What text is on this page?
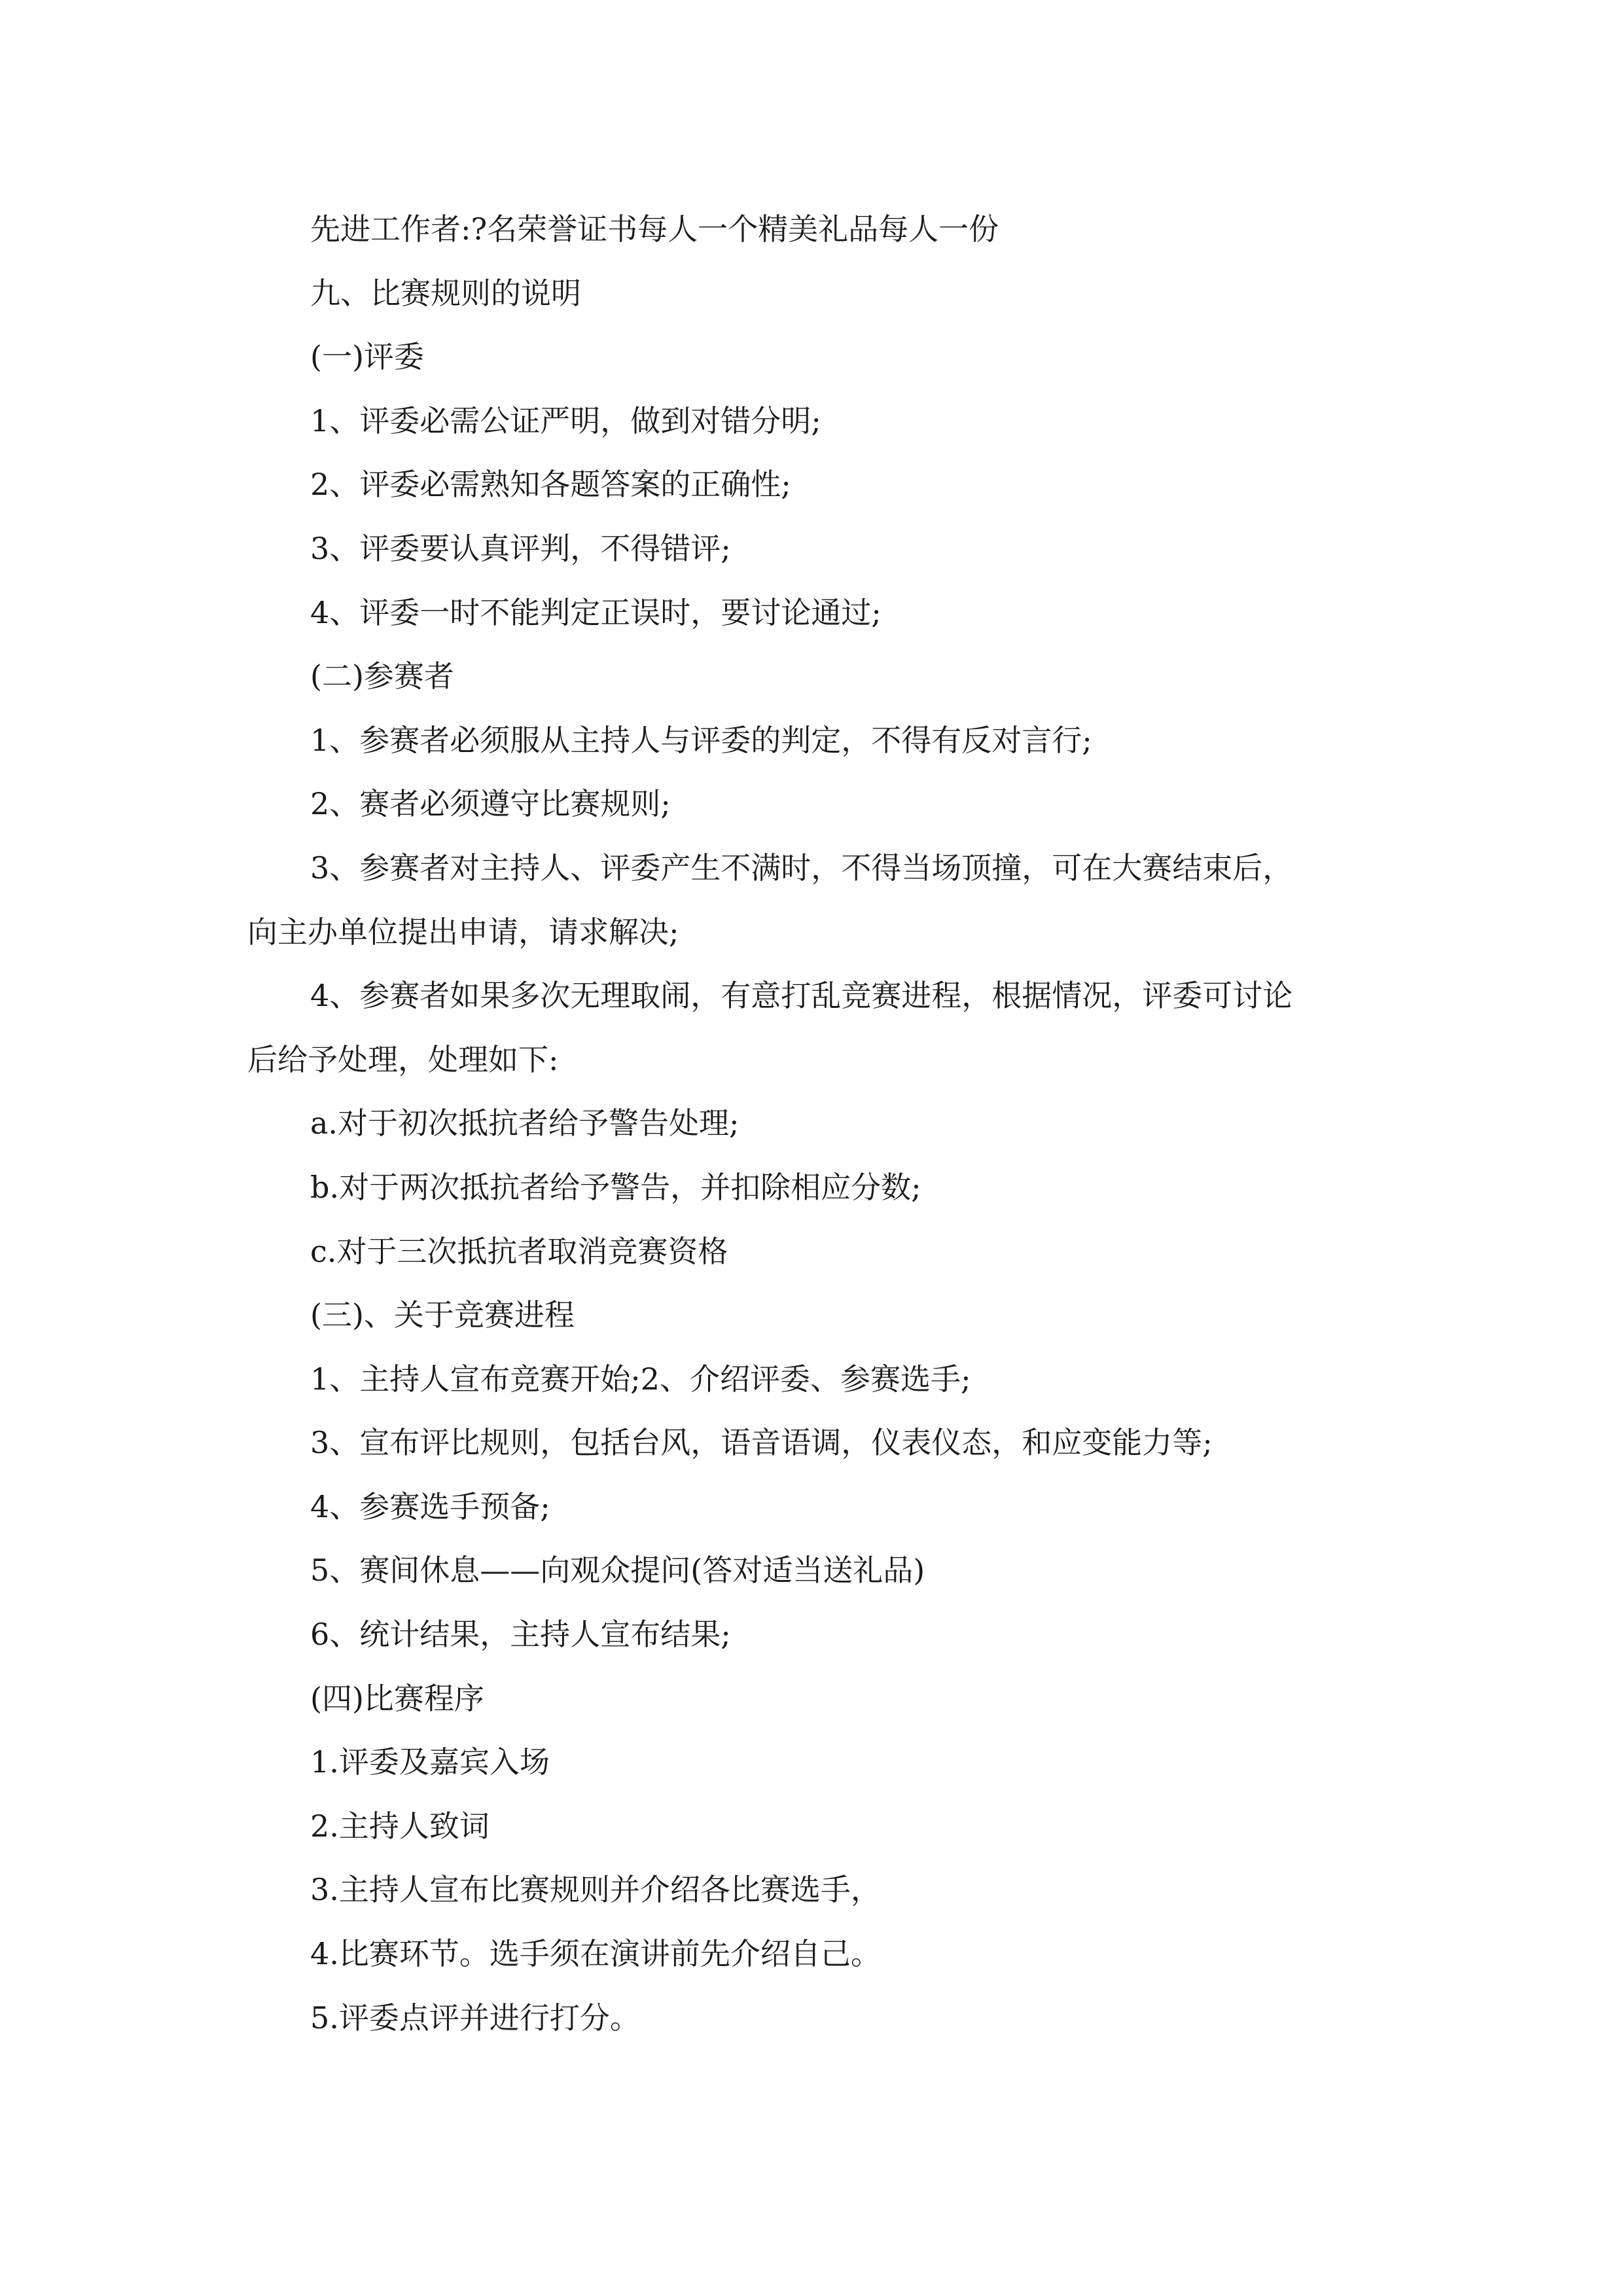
先进工作者:?名荣誉证书每人一个精美礼品每人一份
九、比赛规则的说明
(一)评委
1、评委必需公证严明，做到对错分明;
2、评委必需熟知各题答案的正确性;
3、评委要认真评判，不得错评;
4、评委一时不能判定正误时，要讨论通过;
(二)参赛者
1、参赛者必须服从主持人与评委的判定，不得有反对言行;
2、赛者必须遵守比赛规则;
3、参赛者对主持人、评委产生不满时，不得当场顶撞，可在大赛结束后，
向主办单位提出申请，请求解决;
4、参赛者如果多次无理取闹，有意打乱竞赛进程，根据情况，评委可讨论
后给予处理，处理如下:
a.对于初次抵抗者给予警告处理;
b.对于两次抵抗者给予警告，并扣除相应分数;
c.对于三次抵抗者取消竞赛资格
(三)、关于竞赛进程
1、主持人宣布竞赛开始;2、介绍评委、参赛选手;
3、宣布评比规则，包括台风，语音语调，仪表仪态，和应变能力等;
4、参赛选手预备;
5、赛间休息——向观众提问(答对适当送礼品)
6、统计结果，主持人宣布结果;
(四)比赛程序
1.评委及嘉宾入场
2.主持人致词
3.主持人宣布比赛规则并介绍各比赛选手，
4.比赛环节。选手须在演讲前先介绍自己。
5.评委点评并进行打分。
